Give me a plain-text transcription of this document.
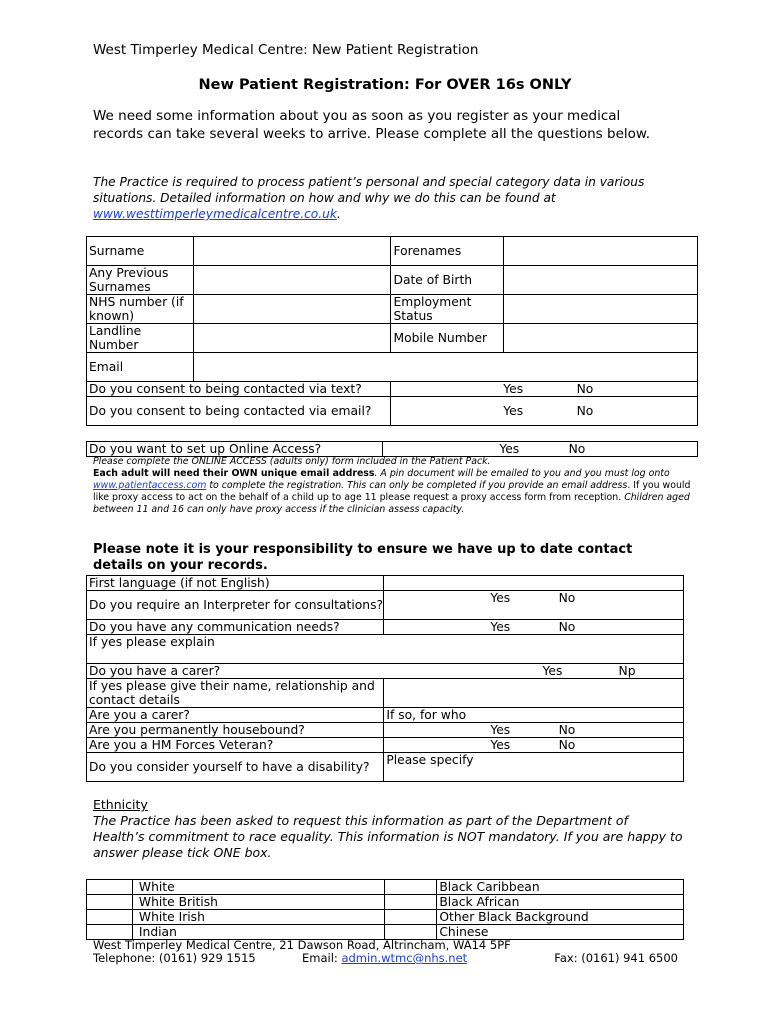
West Timperley Medical Centre: New Patient Registration
New Patient Registration: For OVER 16s ONLY
We need some information about you as soon as you register as your medical records can take several weeks to arrive. Please complete all the questions below.
The Practice is required to process patient’s personal and special category data in various situations. Detailed information on how and why we do this can be found at www.westtimperleymedicalcentre.co.uk.
Surname		Forenames	
Any Previous Surnames		Date of Birth	
NHS number (if known)		Employment Status	
Landline Number		Mobile Number	
Email			
Do you consent to being contacted via text?	Yes No

Do you consent to being contacted via email?	Yes No
Do you want to set up Online Access?	Yes	No
Please complete the ONLINE ACCESS (adults only) form included in the Patient Pack.
Each adult will need their OWN unique email address. A pin document will be emailed to you and you must log onto www.patientaccess.com to complete the registration. This can only be completed if you provide an email address. If you would like proxy access to act on the behalf of a child up to age 11 please request a proxy access form from reception. Children aged between 11 and 16 can only have proxy access if the clinician assess capacity.
Please note it is your responsibility to ensure we have up to date contact details on your records.
First language (if not English)	
Do you require an Interpreter for consultations?	Yes No

Do you have any communication needs?	Yes No

If yes please explain	
Do you have a carer? Yes Np	

If yes please give their name, relationship and contact details	
Are you a carer?	If so, for who
Are you permanently housebound?	Yes No

Are you a HM Forces Veteran?	Yes No

Do you consider yourself to have a disability?	Please specify
Ethnicity
The Practice has been asked to request this information as part of the Department of Health’s commitment to race equality. This information is NOT mandatory. If you are happy to answer please tick ONE box.
	White		Black Caribbean
	White British		Black African
	White Irish		Other Black Background
	Indian		Chinese
West Timperley Medical Centre, 21 Dawson Road, Altrincham, WA14 5PF
Telephone: (0161) 929 1515	Email: admin.wtmc@nhs.net	Fax: (0161) 941 6500
